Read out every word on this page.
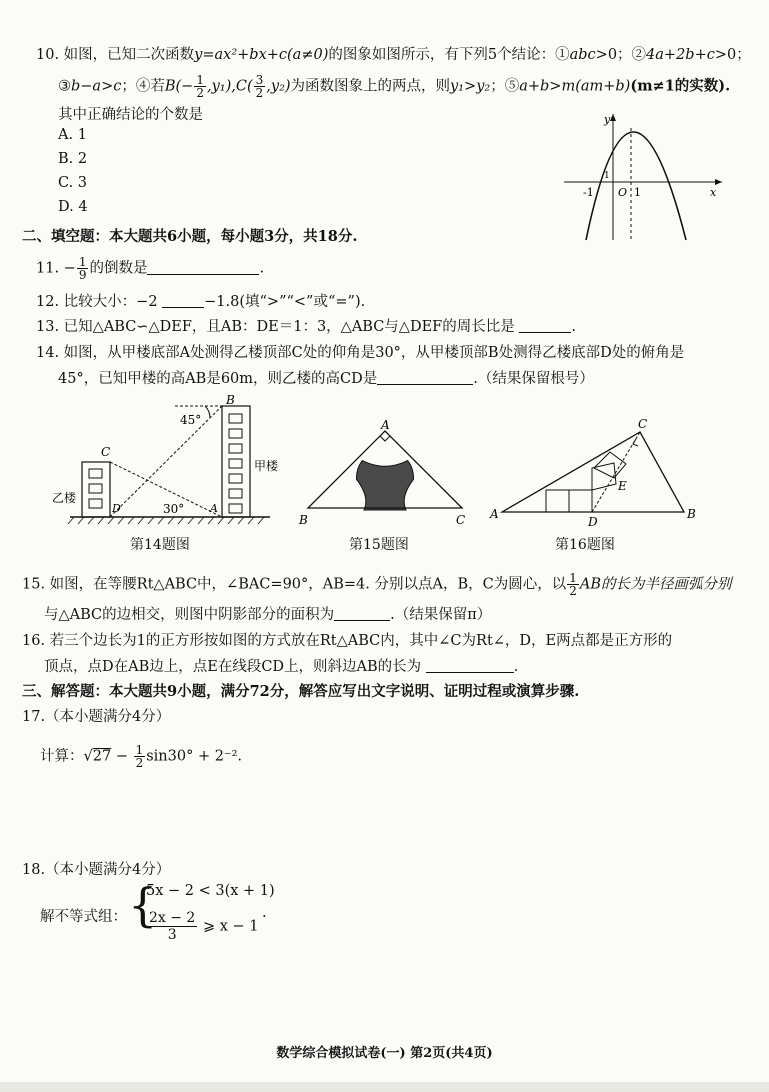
10. 如图，已知二次函数y=ax²+bx+c(a≠0)的图象如图所示，有下列5个结论：①abc>0；②4a+2b+c>0；
③b−a>c；④若$B(- \frac{1}{2} ,y_1),C( \frac{3}{2} ,y_2)$为函数图象上的两点，则y₁>y₂；⑤a+b>m(am+b)(m≠1的实数).
其中正确结论的个数是
A. 1
B. 2
C. 3
D. 4
y
x
O 1
-1
1
二、填空题：本大题共6小题，每小题3分，共18分.
11. − $\frac{1}{9}$ 的倒数是	.
12. 比较大小：−2	−1.8(填“>”“<”或“=”).
13. 已知△ABC∽△DEF，且AB：DE＝1：3，△ABC与△DEF的周长比是	.
14. 如图，从甲楼底部A处测得乙楼顶部C处的仰角是30°，从甲楼顶部B处测得乙楼底部D处的俯角是
45°，已知甲楼的高AB是60m，则乙楼的高CD是	.（结果保留根号）
B
C
D	A
45°
30°
甲楼
乙楼
第14题图
A
B	C
第15题图
C
A	B
D
E
第16题图
15. 如图，在等腰Rt△ABC中，∠BAC=90°，AB=4. 分别以点A，B，C为圆心，以 $\frac{1}{2}$ AB的长为半径画弧分别
与△ABC的边相交，则图中阴影部分的面积为	.（结果保留π）
16. 若三个边长为1的正方形按如图的方式放在Rt△ABC内，其中∠C为Rt∠，D，E两点都是正方形的
顶点，点D在AB边上，点E在线段CD上，则斜边AB的长为	.
三、解答题：本大题共9小题，满分72分，解答应写出文字说明、证明过程或演算步骤.
17.（本小题满分4分）
计算：$√27 - \frac{1}{2} \sin 30^\circ + 2^{-2}$.
18.（本小题满分4分）
解不等式组： {
5x − 2 < 3(x + 1)
$\frac{2x - 2}{3}$ ⩾ x − 1
.
数学综合模拟试卷(一) 第2页(共4页)
